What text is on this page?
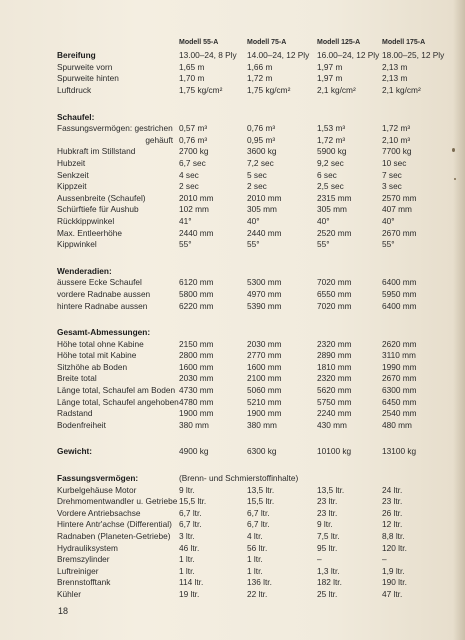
	Modell 55-A	Modell 75-A	Modell 125-A	Modell 175-A
Bereifung	13.00–24, 8 Ply	14.00–24, 12 Ply	16.00–24, 12 Ply	18.00–25, 12 Ply
Spurweite vorn	1,65 m	1,66 m	1,97 m	2,13 m
Spurweite hinten	1,70 m	1,72 m	1,97 m	2,13 m
Luftdruck	1,75 kg/cm²	1,75 kg/cm²	2,1 kg/cm²	2,1 kg/cm²

Schaufel:				
Fassungsvermögen: gestrichen	0,57 m³	0,76 m³	1,53 m³	1,72 m³
gehäuft	0,76 m³	0,95 m³	1,72 m³	2,10 m³
Hubkraft im Stillstand	2700 kg	3600 kg	5900 kg	7700 kg
Hubzeit	6,7 sec	7,2 sec	9,2 sec	10 sec
Senkzeit	4 sec	5 sec	6 sec	7 sec
Kippzeit	2 sec	2 sec	2,5 sec	3 sec
Aussenbreite (Schaufel)	2010 mm	2010 mm	2315 mm	2570 mm
Schürftiefe für Aushub	102 mm	305 mm	305 mm	407 mm
Rückkippwinkel	41°	40°	40°	40°
Max. Entleerhöhe	2440 mm	2440 mm	2520 mm	2670 mm
Kippwinkel	55°	55°	55°	55°

Wenderadien:				
äussere Ecke Schaufel	6120 mm	5300 mm	7020 mm	6400 mm
vordere Radnabe aussen	5800 mm	4970 mm	6550 mm	5950 mm
hintere Radnabe aussen	6220 mm	5390 mm	7020 mm	6400 mm

Gesamt-Abmessungen:				
Höhe total ohne Kabine	2150 mm	2030 mm	2320 mm	2620 mm
Höhe total mit Kabine	2800 mm	2770 mm	2890 mm	3110 mm
Sitzhöhe ab Boden	1600 mm	1600 mm	1810 mm	1990 mm
Breite total	2030 mm	2100 mm	2320 mm	2670 mm
Länge total, Schaufel am Boden	4730 mm	5060 mm	5620 mm	6300 mm
Länge total, Schaufel angehoben	4780 mm	5210 mm	5750 mm	6450 mm
Radstand	1900 mm	1900 mm	2240 mm	2540 mm
Bodenfreiheit	380 mm	380 mm	430 mm	480 mm

Gewicht:	4900 kg	6300 kg	10100 kg	13100 kg

Fassungsvermögen:	(Brenn- und Schmierstoffinhalte)			
Kurbelgehäuse Motor	9 ltr.	13,5 ltr.	13,5 ltr.	24 ltr.
Drehmomentwandler u. Getriebe	15,5 ltr.	15,5 ltr.	23 ltr.	23 ltr.
Vordere Antriebsachse	6,7 ltr.	6,7 ltr.	23 ltr.	26 ltr.
Hintere Antr'achse (Differential)	6,7 ltr.	6,7 ltr.	9 ltr.	12 ltr.
Radnaben (Planeten-Getriebe)	3 ltr.	4 ltr.	7,5 ltr.	8,8 ltr.
Hydrauliksystem	46 ltr.	56 ltr.	95 ltr.	120 ltr.
Bremszylinder	1 ltr.	1 ltr.	–	–
Luftreiniger	1 ltr.	1 ltr.	1,3 ltr.	1,9 ltr.
Brennstofftank	114 ltr.	136 ltr.	182 ltr.	190 ltr.
Kühler	19 ltr.	22 ltr.	25 ltr.	47 ltr.
18
